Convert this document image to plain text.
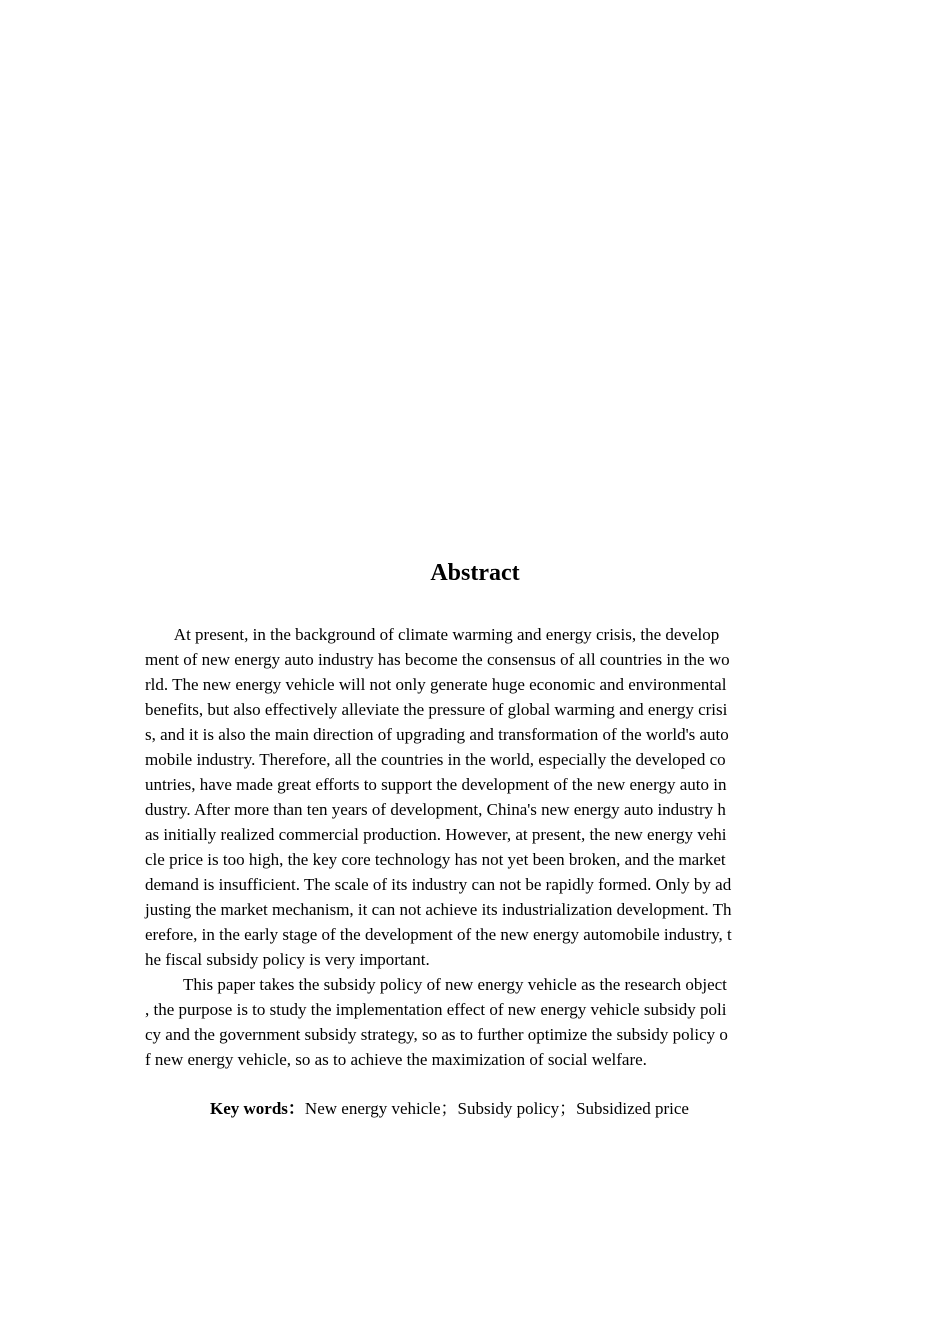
Abstract
At present, in the background of climate warming and energy crisis, the develop
ment of new energy auto industry has become the consensus of all countries in the wo
rld. The new energy vehicle will not only generate huge economic and environmental
benefits, but also effectively alleviate the pressure of global warming and energy crisi
s, and it is also the main direction of upgrading and transformation of the world's auto
mobile industry. Therefore, all the countries in the world, especially the developed co
untries, have made great efforts to support the development of the new energy auto in
dustry. After more than ten years of development, China's new energy auto industry h
as initially realized commercial production. However, at present, the new energy vehi
cle price is too high, the key core technology has not yet been broken, and the market
demand is insufficient. The scale of its industry can not be rapidly formed. Only by ad
justing the market mechanism, it can not achieve its industrialization development. Th
erefore, in the early stage of the development of the new energy automobile industry, t
he fiscal subsidy policy is very important.
This paper takes the subsidy policy of new energy vehicle as the research object
, the purpose is to study the implementation effect of new energy vehicle subsidy poli
cy and the government subsidy strategy, so as to further optimize the subsidy policy o
f new energy vehicle, so as to achieve the maximization of social welfare.
Key words：New energy vehicle；Subsidy policy；Subsidized price
